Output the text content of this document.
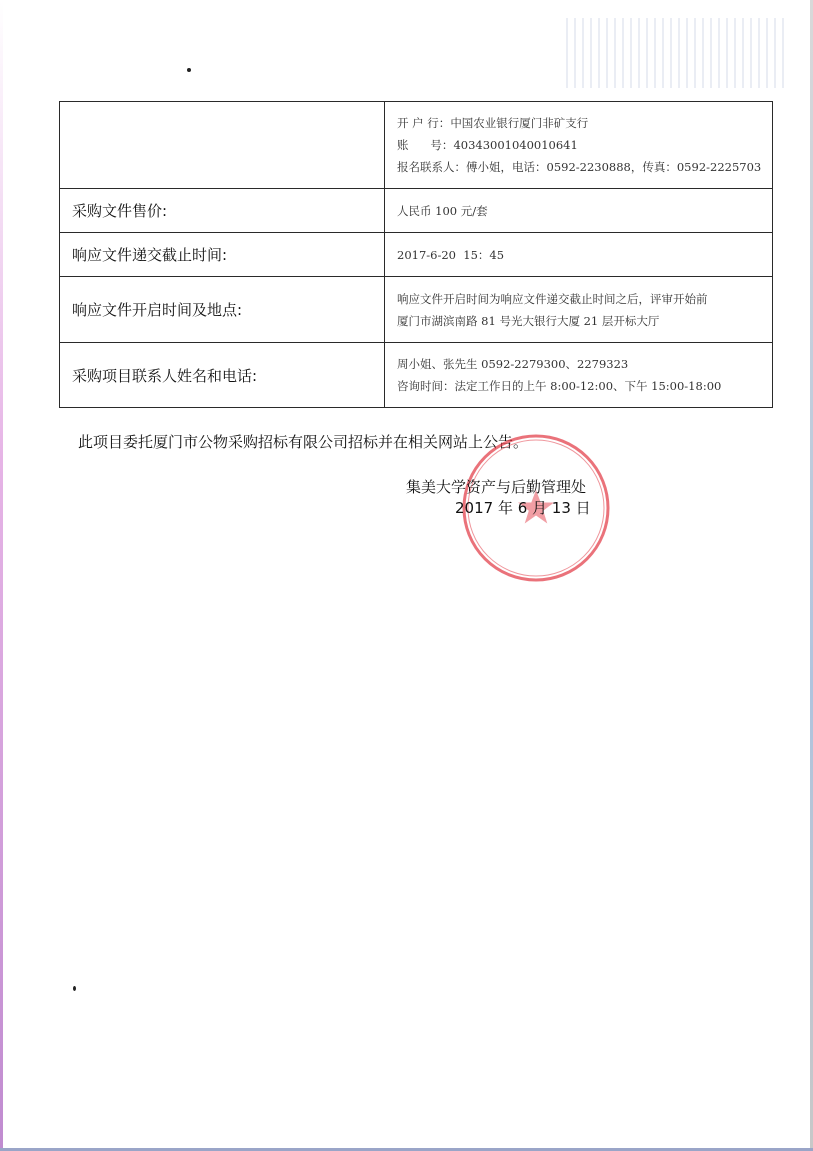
	开 户 行：中国农业银行厦门非矿支行
账      号：40343001040010641
报名联系人：傅小姐，电话：0592-2230888，传真：0592-2225703

采购文件售价:	人民币 100 元/套

响应文件递交截止时间:	2017-6-20  15：45

响应文件开启时间及地点:	响应文件开启时间为响应文件递交截止时间之后，评审开始前
厦门市湖滨南路 81 号光大银行大厦 21 层开标大厅

采购项目联系人姓名和电话:	周小姐、张先生 0592-2279300、2279323
咨询时间：法定工作日的上午 8:00-12:00、下午 15:00-18:00
此项目委托厦门市公物采购招标有限公司招标并在相关网站上公告。
集美大学资产与后勤管理处
2017 年 6 月 13 日
